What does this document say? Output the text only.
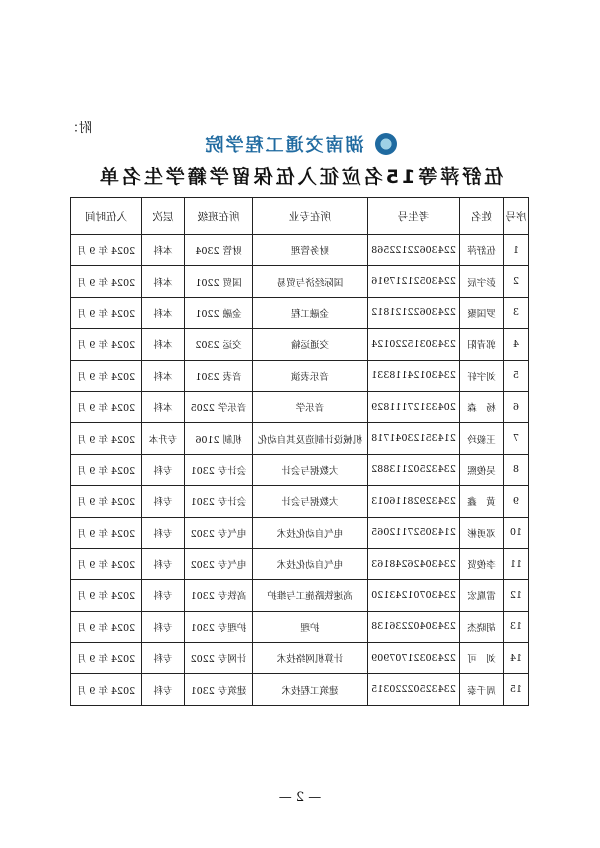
附：
湖南交通工程学院
伍舒萍等15名应征入伍保留学籍学生名单
序号	姓名	考生号	所在专业	所在班级	层次	入伍时间
1	伍舒萍	22430622122568	财务管理	财管 2304	本科	2024 年 9 月
2	彭宇辰	22430521217916	国际经济与贸易	国贸 2201	本科	2024 年 9 月
3	罗国聚	22430622121812	金融工程	金融 2201	本科	2024 年 9 月
4	郭青阳	23430315220124	交通运输	交运 2302	本科	2024 年 9 月
5	刘宇轩	23430124118331	音乐表演	音表 2301	本科	2024 年 9 月
6	杨　森	20433127111829	音乐学	音乐学 2205	本科	2024 年 9 月
7	王毅玲	21435123041718	机械设计制造及其自动化	机制 2106	专升本	2024 年 9 月
8	吴俊熙	23432502113882	大数据与会计	会计专 2301	专科	2024 年 9 月
9	黄　鑫	23432928116013	大数据与会计	会计专 2301	专科	2024 年 9 月
10	邓勇彬	21430527112065	电气自动化技术	电气专 2302	专科	2024 年 9 月
11	李俊贤	23430426248163	电气自动化技术	电气专 2302	专科	2024 年 9 月
12	雷胤宏	23430701243120	高速铁路施工与维护	高铁专 2301	专科	2024 年 9 月
13	胡晓杰	23430402236138	护理	护理专 2301	专科	2024 年 9 月
14	刘　可	22430321707909	计算机网络技术	计网专 2202	专科	2024 年 9 月
15	周千泰	23432502220315	建筑工程技术	建筑专 2301	专科	2024 年 9 月
— 2 —
